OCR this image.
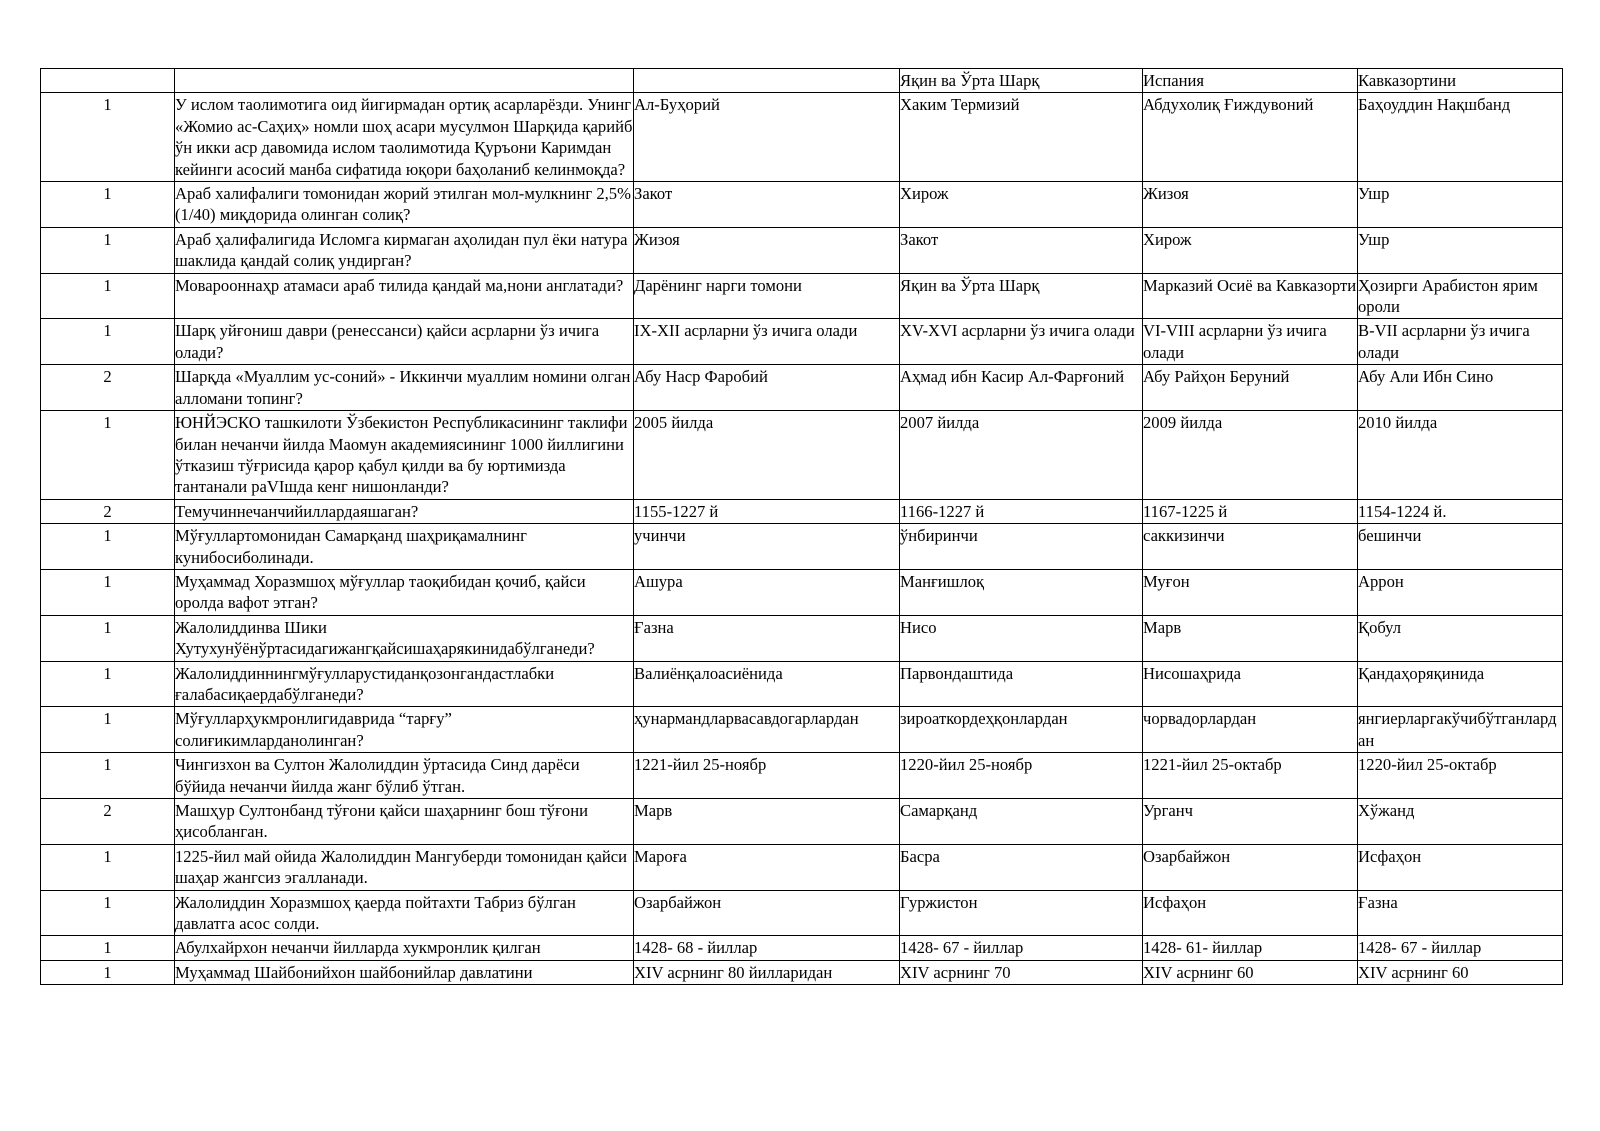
			Яқин ва Ўрта Шарқ	Испания	Кавказортини
1	У ислом таолимотига оид йигирмадан ортиқ асарларёзди. Унинг «Жомио ас-Саҳиҳ» номли шоҳ асари мусулмон Шарқида қарийб ўн икки аср давомида ислом таолимотида Қуръони Каримдан кейинги асосий манба сифатида юқори баҳоланиб келинмоқда?	Ал-Буҳорий	Хаким Термизий	Абдухолиқ Ғиждувоний	Баҳоуддин Нақшбанд
1	Араб халифалиги томонидан жорий этилган мол-мулкнинг 2,5% (1/40) миқдорида олинган солиқ?	Закот	Хирож	Жизоя	Ушр
1	Араб ҳалифалигида Исломга кирмаган аҳолидан пул ёки натура шаклида қандай солиқ ундирган?	Жизоя	Закот	Хирож	Ушр
1	Моварооннаҳр атамаси араб тилида қандай ма,нони англатади?	Дарёнинг нарги томони	Яқин ва Ўрта Шарқ	Марказий Осиё ва Кавказорти	Ҳозирги Арабистон ярим ороли
1	Шарқ уйғониш даври (ренессанси) қайси асрларни ўз ичига олади?	IX-XII асрларни ўз ичига олади	XV-XVI асрларни ўз ичига олади	VI-VIII асрларни ўз ичига олади	B-VII асрларни ўз ичига олади
2	Шарқда «Муаллим ус-соний» - Иккинчи муаллим номини олган алломани топинг?	Абу Наср Фаробий	Аҳмад ибн Касир Ал-Фарғоний	Абу Райҳон Беруний	Абу Али Ибн Сино
1	ЮНЙЭСКО ташкилоти Ўзбекистон Республикасининг таклифи билан нечанчи йилда Маомун академиясининг 1000 йиллигини ўтказиш тўғрисида қарор қабул қилди ва бу юртимизда тантанали раVIшда кенг нишонланди?	2005 йилда	2007 йилда	2009 йилда	2010 йилда
2	Темучиннечанчийиллардаяшаган?	1155-1227 й	1166-1227 й	1167-1225 й	1154-1224 й.
1	Мўғуллартомонидан Самарқанд шаҳриқамалнинг кунибосиболинади.	учинчи	ўнбиринчи	саккизинчи	бешинчи
1	Муҳаммад Хоразмшоҳ мўғуллар таоқибидан қочиб, қайси оролда вафот этган?	Ашура	Манғишлоқ	Муғон	Аррон
1	Жалолиддинва Шики Хутухунўёнўртасидагижангқайсишаҳарякинидабўлганеди?	Ғазна	Нисо	Марв	Қобул
1	Жалолиддиннингмўғулларустиданқозонгандастлабки ғалабасиқаердабўлганеди?	Валиёнқалоасиёнида	Парвондаштида	Нисошаҳрида	Қандаҳоряқинида
1	Мўғулларҳукмронлигидаврида “тарғу” солиғикимларданолинган?	ҳунармандларвасавдогарлардан	зироаткордеҳқонлардан	чорвадорлардан	янгиерларгакўчибўтганлардан
1	Чингизхон ва Султон Жалолиддин ўртасида Синд дарёси бўйида нечанчи йилда жанг бўлиб ўтган.	1221-йил 25-ноябр	1220-йил 25-ноябр	1221-йил 25-октабр	1220-йил 25-октабр
2	Машҳур Султонбанд тўғони қайси шаҳарнинг бош тўғони ҳисобланган.	Марв	Самарқанд	Урганч	Хўжанд
1	1225-йил май ойида Жалолиддин Мангуберди томонидан қайси шаҳар жангсиз эгалланади.	Мароға	Басра	Озарбайжон	Исфаҳон
1	Жалолиддин Хоразмшоҳ қаерда пойтахти Табриз бўлган давлатга асос солди.	Озарбайжон	Гуржистон	Исфаҳон	Ғазна
1	Абулхайрхон нечанчи йилларда хукмронлик қилган	1428- 68 - йиллар	1428- 67 - йиллар	1428- 61- йиллар	1428- 67 - йиллар
1	Муҳаммад Шайбонийхон шайбонийлар давлатини	XIV асрнинг 80 йилларидан	XIV асрнинг 70	XIV асрнинг 60	XIV асрнинг 60
